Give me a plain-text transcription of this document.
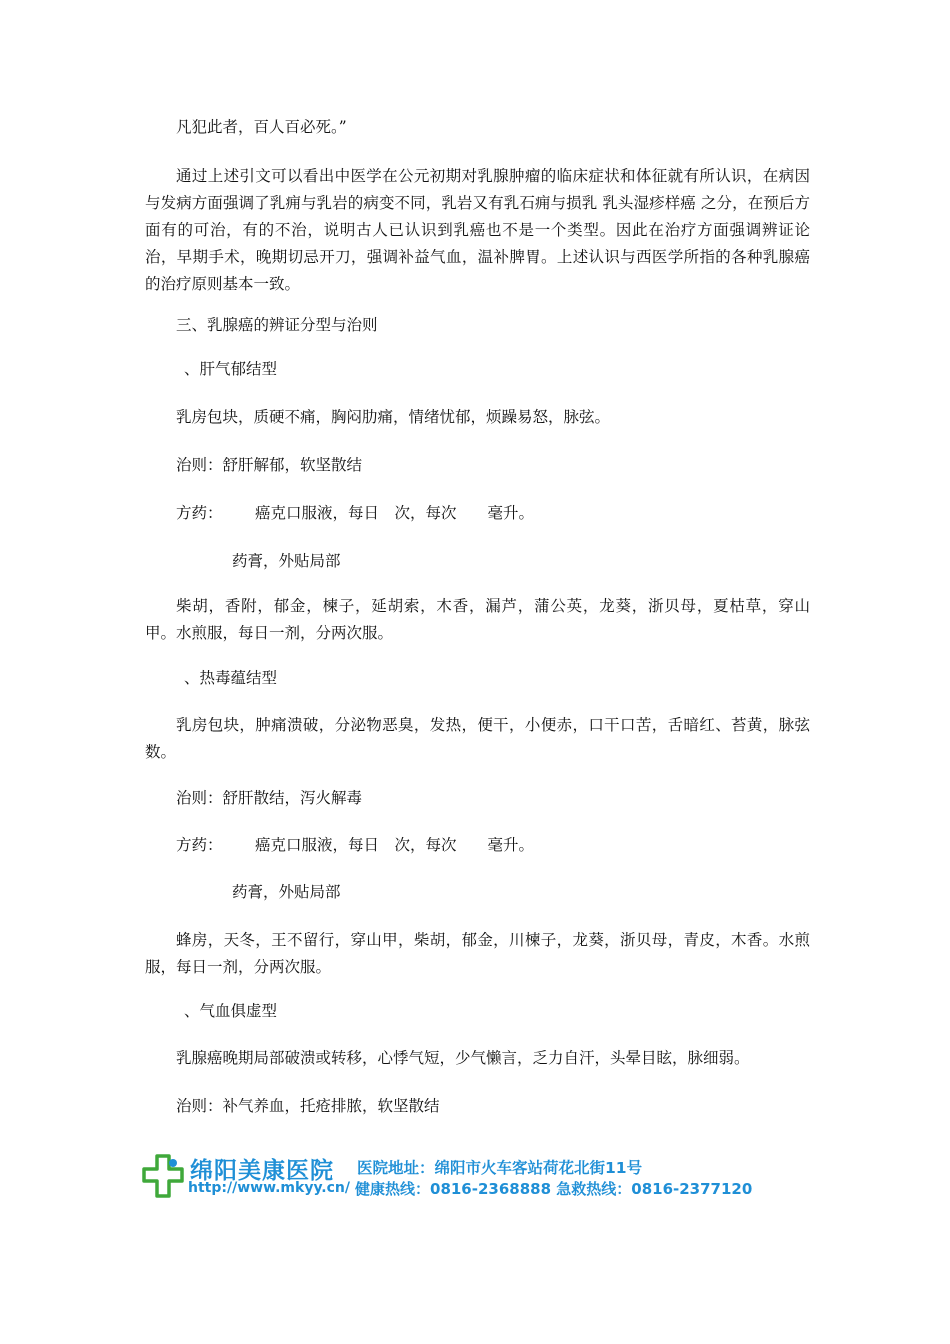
凡犯此者，百人百必死。”
通过上述引文可以看出中医学在公元初期对乳腺肿瘤的临床症状和体征就有所认识，在病因与发病方面强调了乳痈与乳岩的病变不同，乳岩又有乳石痈与损乳 乳头湿疹样癌 之分，在预后方面有的可治，有的不治，说明古人已认识到乳癌也不是一个类型。因此在治疗方面强调辨证论治，早期手术，晚期切忌开刀，强调补益气血，温补脾胃。上述认识与西医学所指的各种乳腺癌的治疗原则基本一致。
三、乳腺癌的辨证分型与治则
、肝气郁结型
乳房包块，质硬不痛，胸闷肋痛，情绪忧郁，烦躁易怒，脉弦。
治则：舒肝解郁，软坚散结
方药： 癌克口服液，每日　次，每次　　毫升。
药膏，外贴局部
柴胡，香附，郁金，楝子，延胡索，木香，漏芦，蒲公英，龙葵，浙贝母，夏枯草，穿山甲。水煎服，每日一剂，分两次服。
、热毒蕴结型
乳房包块，肿痛溃破，分泌物恶臭，发热，便干，小便赤，口干口苦，舌暗红、苔黄，脉弦数。
治则：舒肝散结，泻火解毒
方药： 癌克口服液，每日　次，每次　　毫升。
药膏，外贴局部
蜂房，天冬，王不留行，穿山甲，柴胡，郁金，川楝子，龙葵，浙贝母，青皮，木香。水煎服，每日一剂，分两次服。
、气血俱虚型
乳腺癌晚期局部破溃或转移，心悸气短，少气懒言，乏力自汗，头晕目眩，脉细弱。
治则：补气养血，托疮排脓，软坚散结
绵阳美康医院
http://www.mkyy.cn/
医院地址：绵阳市火车客站荷花北街11号
健康热线：0816-2368888 急救热线：0816-2377120
